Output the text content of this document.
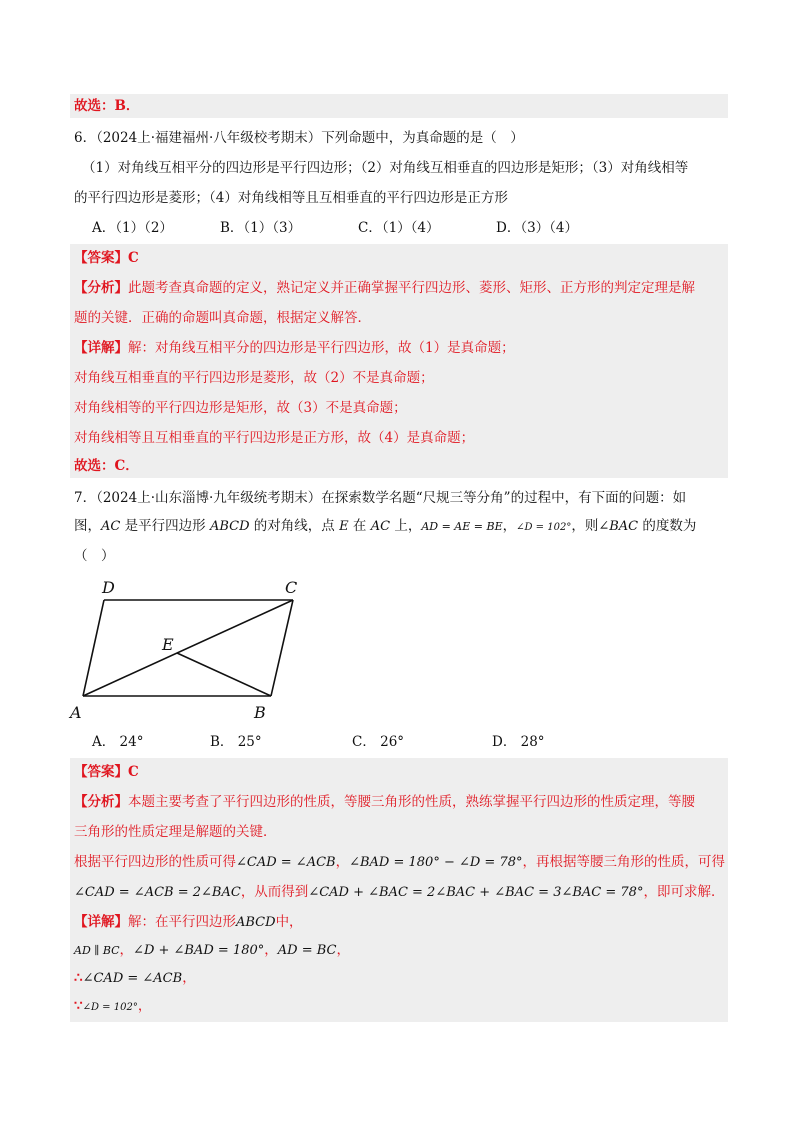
故选：B．
6．（2024上·福建福州·八年级校考期末）下列命题中，为真命题的是（　）
（1）对角线互相平分的四边形是平行四边形；（2）对角线互相垂直的四边形是矩形；（3）对角线相等
的平行四边形是菱形；（4）对角线相等且互相垂直的平行四边形是正方形
A．（1）（2）	B．（1）（3）	C．（1）（4）	D．（3）（4）
【答案】C
【分析】此题考查真命题的定义，熟记定义并正确掌握平行四边形、菱形、矩形、正方形的判定定理是解
题的关键．正确的命题叫真命题，根据定义解答．
【详解】解：对角线互相平分的四边形是平行四边形，故（1）是真命题；
对角线互相垂直的平行四边形是菱形，故（2）不是真命题；
对角线相等的平行四边形是矩形，故（3）不是真命题；
对角线相等且互相垂直的平行四边形是正方形，故（4）是真命题；
故选：C．
7．（2024上·山东淄博·九年级统考期末）在探索数学名题“尺规三等分角”的过程中，有下面的问题：如
图，AC 是平行四边形 ABCD 的对角线，点 E 在 AC 上，AD = AE = BE，∠D = 102°，则∠BAC 的度数为
（　）
D	C
E
A	B
A． 24°	B． 25°	C． 26°	D． 28°
【答案】C
【分析】本题主要考查了平行四边形的性质，等腰三角形的性质，熟练掌握平行四边形的性质定理，等腰
三角形的性质定理是解题的关键．
根据平行四边形的性质可得∠CAD = ∠ACB，∠BAD = 180° − ∠D = 78°，再根据等腰三角形的性质，可得
∠CAD = ∠ACB = 2∠BAC，从而得到∠CAD + ∠BAC = 2∠BAC + ∠BAC = 3∠BAC = 78°，即可求解．
【详解】解：在平行四边形ABCD中，
AD ∥ BC，∠D + ∠BAD = 180°，AD = BC，
∴∠CAD = ∠ACB，
∵∠D = 102°，
